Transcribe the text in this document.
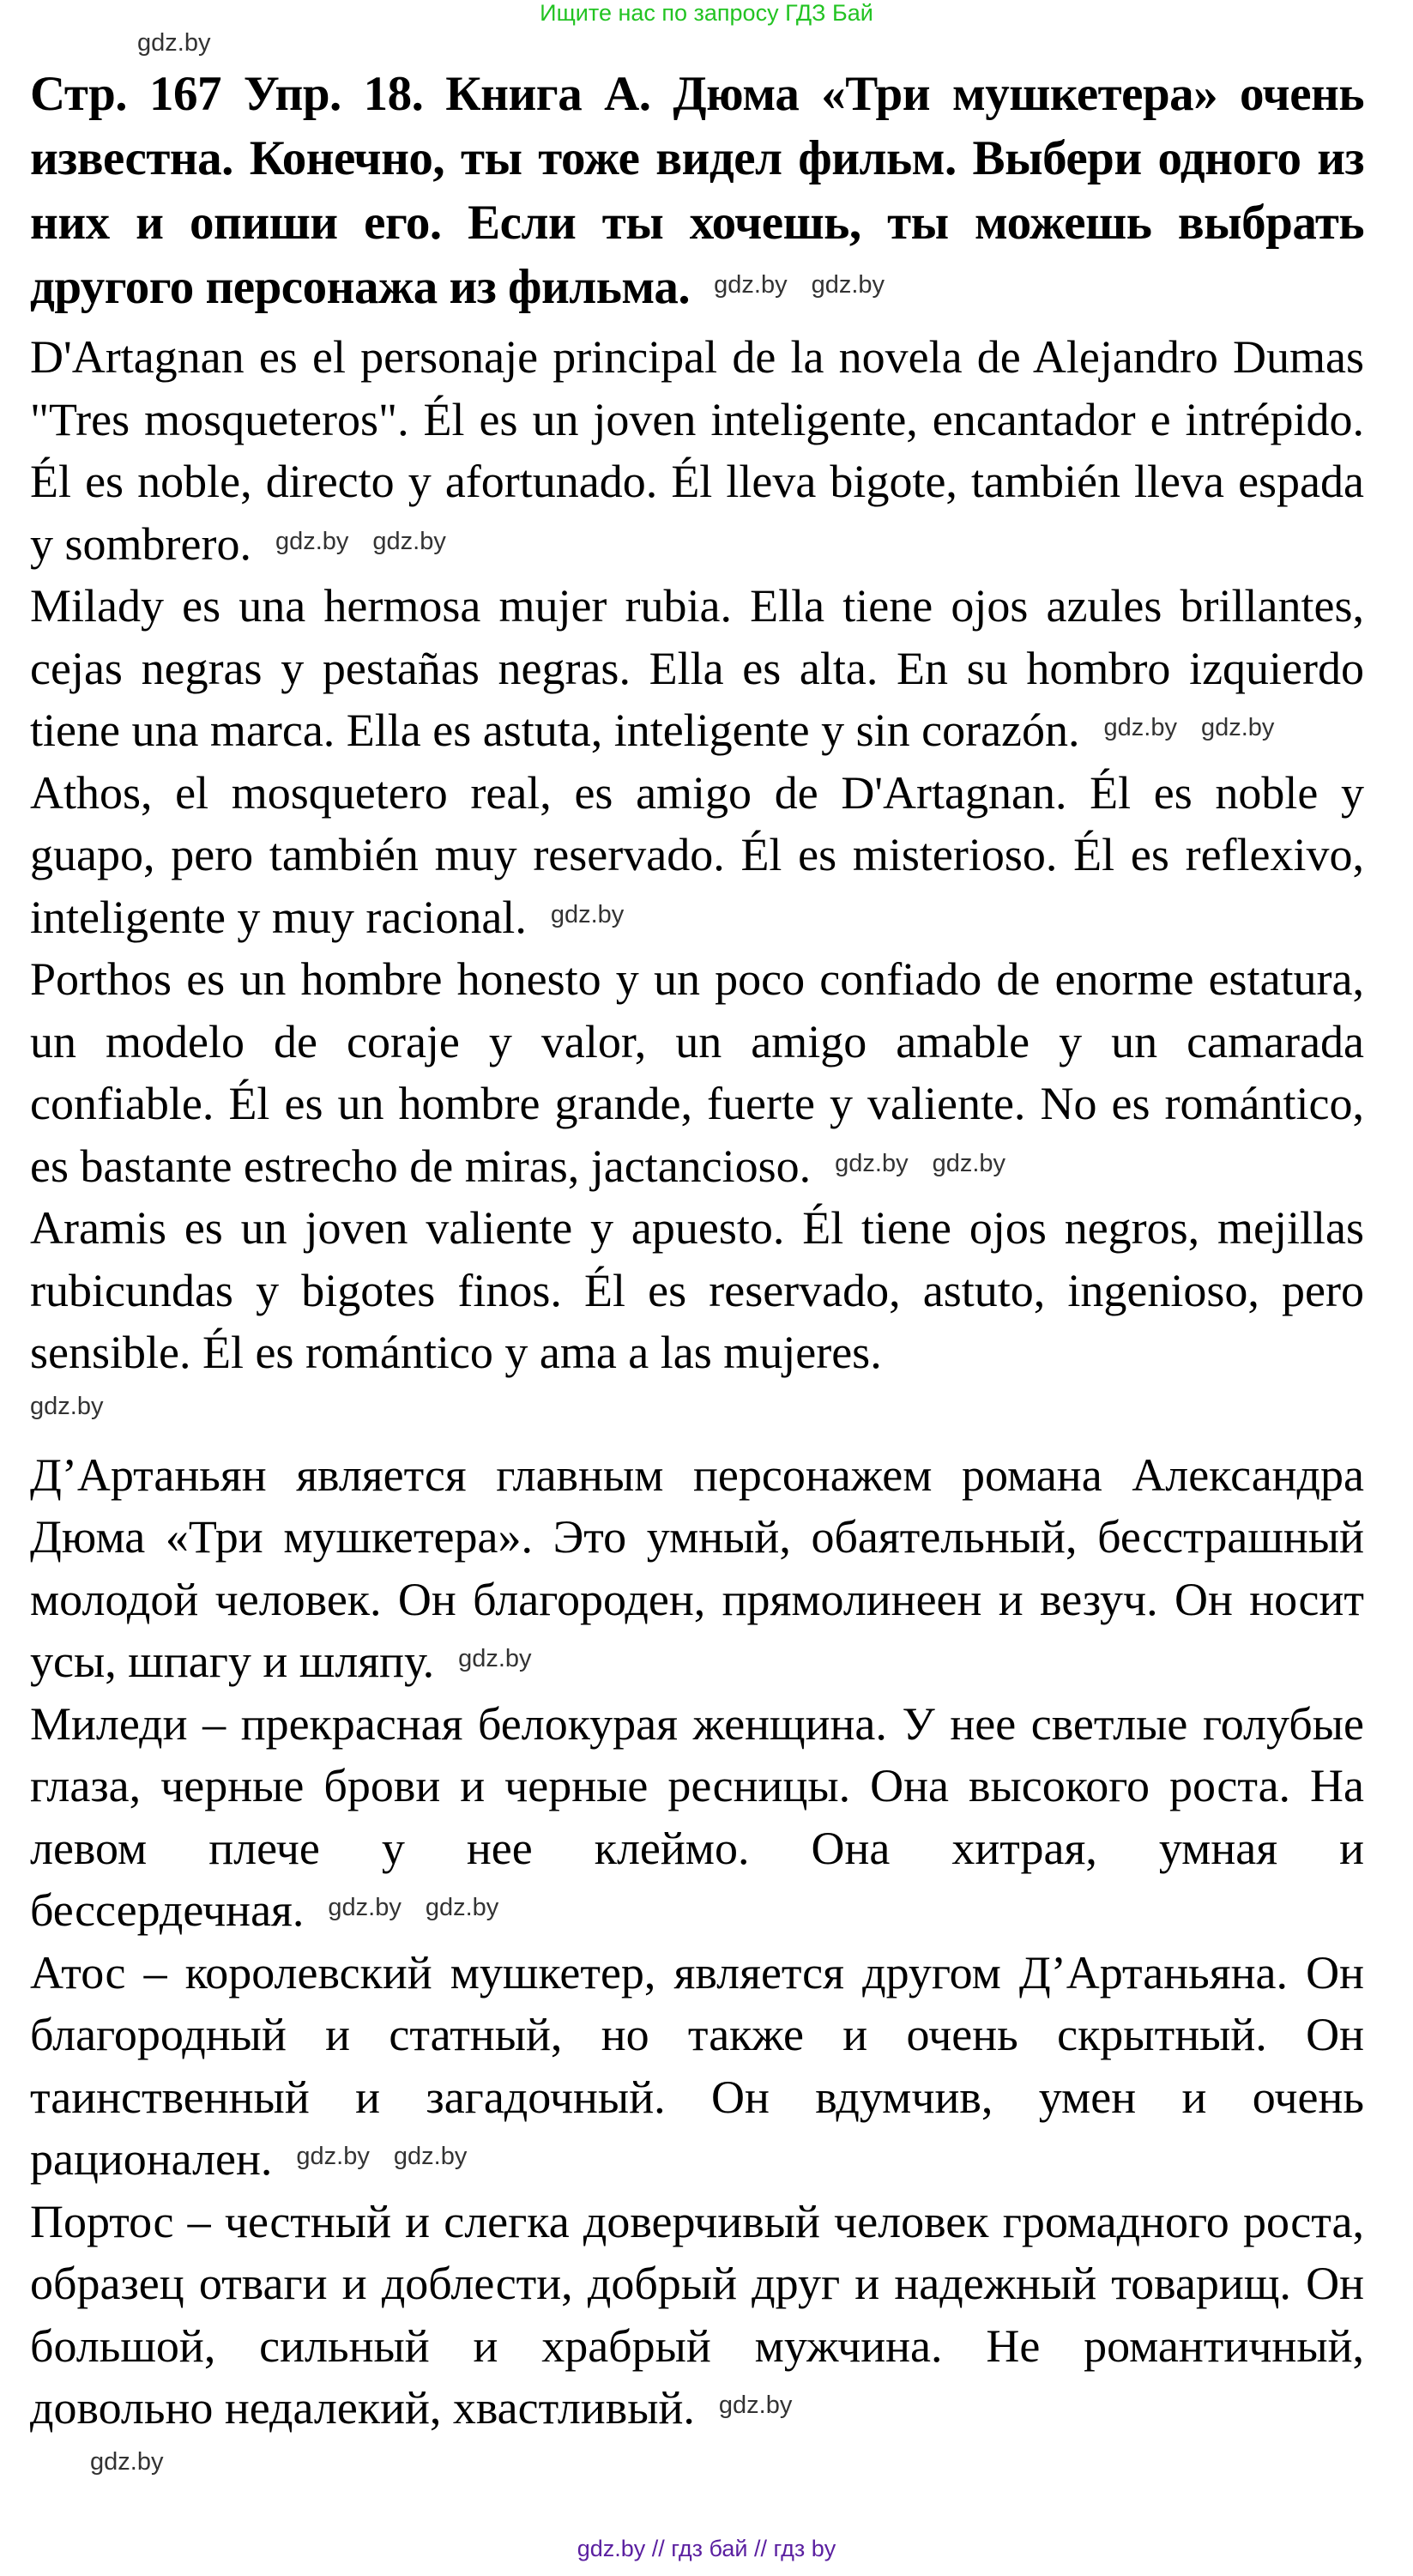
Ищите нас по запросу ГДЗ Бай
gdz.by

Стр. 167 Упр. 18. Книга А. Дюма «Три мушкетера» очень известна. Конечно, ты тоже видел фильм. Выбери одного из них и опиши его. Если ты хочешь, ты можешь выбрать другого персонажа из фильма. $^{gdz.by}$ $^{gdz.by}$

D'Artagnan es el personaje principal de la novela de Alejandro Dumas "Tres mosqueteros". Él es un joven inteligente, encantador e intrépido. Él es noble, directo y afortunado. Él lleva bigote, también lleva espada y sombrero. $^{gdz.by}$ $^{gdz.by}$

Milady es una hermosa mujer rubia. Ella tiene ojos azules brillantes, cejas negras y pestañas negras. Ella es alta. En su hombro izquierdo tiene una marca. Ella es astuta, inteligente y sin corazón. $^{gdz.by}$ $^{gdz.by}$

Athos, el mosquetero real, es amigo de D'Artagnan. Él es noble y guapo, pero también muy reservado. Él es misterioso. Él es reflexivo, inteligente y muy racional. $^{gdz.by}$

Porthos es un hombre honesto y un poco confiado de enorme estatura, un modelo de coraje y valor, un amigo amable y un camarada confiable. Él es un hombre grande, fuerte y valiente. No es romántico, es bastante estrecho de miras, jactancioso. $^{gdz.by}$ $^{gdz.by}$

Aramis es un joven valiente y apuesto. Él tiene ojos negros, mejillas rubicundas y bigotes finos. Él es reservado, astuto, ingenioso, pero sensible. Él es romántico y ama a las mujeres.

gdz.by

Д’Артаньян является главным персонажем романа Александра Дюма «Три мушкетера». Это умный, обаятельный, бесстрашный молодой человек. Он благороден, прямолинеен и везуч. Он носит усы, шпагу и шляпу. $^{gdz.by}$

Миледи – прекрасная белокурая женщина. У нее светлые голубые глаза, черные брови и черные ресницы. Она высокого роста. На левом плече у нее клеймо. Она хитрая, умная и бессердечная. $^{gdz.by}$ $^{gdz.by}$

Атос – королевский мушкетер, является другом Д’Артаньяна. Он благородный и статный, но также и очень скрытный. Он таинственный и загадочный. Он вдумчив, умен и очень рационален. $^{gdz.by}$ $^{gdz.by}$

Портос – честный и слегка доверчивый человек громадного роста, образец отваги и доблести, добрый друг и надежный товарищ. Он большой, сильный и храбрый мужчина. Не романтичный, довольно недалекий, хвастливый. $^{gdz.by}$

gdz.by
gdz.by // гдз бай // гдз by
